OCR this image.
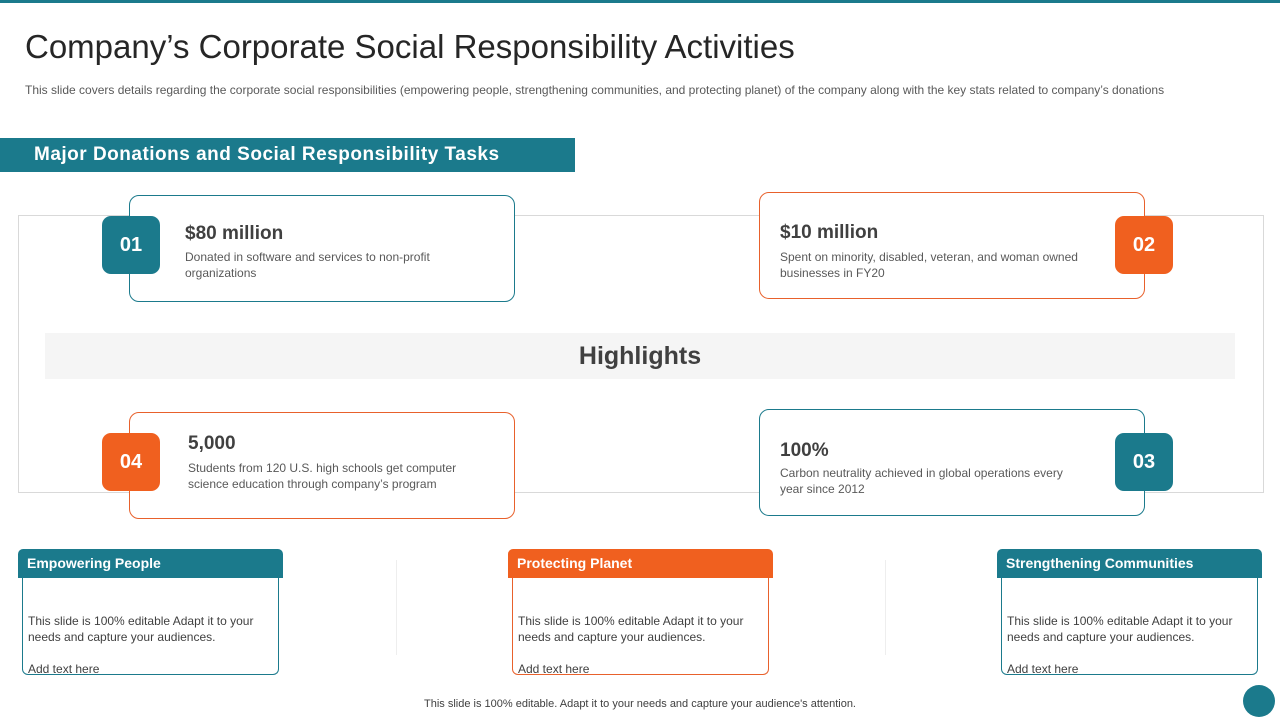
Company’s Corporate Social Responsibility Activities

This slide covers details regarding the corporate social responsibilities (empowering people, strengthening communities, and protecting planet) of the company along with the key stats related to company’s donations

Major Donations and Social Responsibility Tasks
Highlights
$80 million
Donated in software and services to non-profit organizations
01
$10 million
Spent on minority, disabled, veteran, and woman owned businesses in FY20
02
100%
Carbon neutrality achieved in global operations every year since 2012
03
5,000
Students from 120 U.S. high schools get computer science education through company’s program
04
This slide is 100% editable Adapt it to your needs and capture your audiences.
Add text here
Empowering People
This slide is 100% editable Adapt it to your needs and capture your audiences.
Add text here
Protecting Planet
This slide is 100% editable Adapt it to your needs and capture your audiences.
Add text here
Strengthening Communities
This slide is 100% editable. Adapt it to your needs and capture your audience's attention.
